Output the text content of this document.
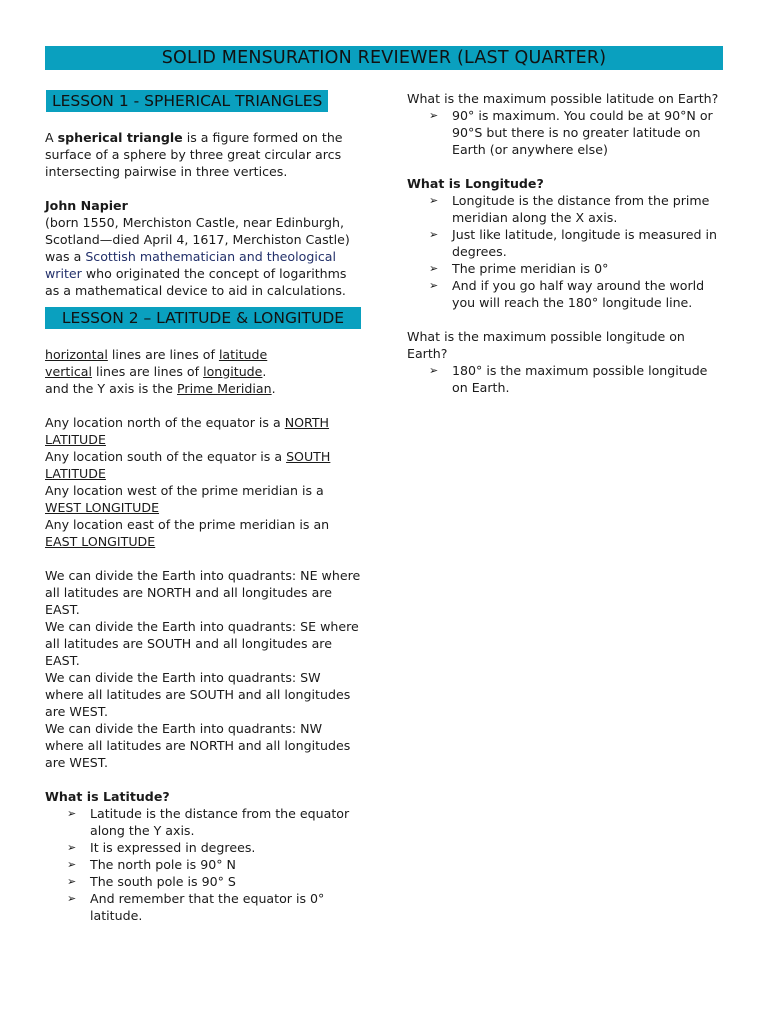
SOLID MENSURATION REVIEWER (LAST QUARTER)
LESSON 1 - SPHERICAL TRIANGLES

A spherical triangle is a figure formed on the surface of a sphere by three great circular arcs intersecting pairwise in three vertices.

John Napier

(born 1550, Merchiston Castle, near Edinburgh, Scotland—died April 4, 1617, Merchiston Castle) was a Scottish mathematician and theological writer who originated the concept of logarithms as a mathematical device to aid in calculations.

LESSON 2 – LATITUDE & LONGITUDE

horizontal lines are lines of latitude

vertical lines are lines of longitude.

and the Y axis is the Prime Meridian.

Any location north of the equator is a NORTH LATITUDE

Any location south of the equator is a SOUTH LATITUDE

Any location west of the prime meridian is a WEST LONGITUDE

Any location east of the prime meridian is an EAST LONGITUDE

We can divide the Earth into quadrants: NE where all latitudes are NORTH and all longitudes are EAST.

We can divide the Earth into quadrants: SE where all latitudes are SOUTH and all longitudes are EAST.

We can divide the Earth into quadrants: SW where all latitudes are SOUTH and all longitudes are WEST.

We can divide the Earth into quadrants: NW where all latitudes are NORTH and all longitudes are WEST.

What is Latitude?

➢ Latitude is the distance from the equator along the Y axis.
➢ It is expressed in degrees.
➢ The north pole is 90° N
➢ The south pole is 90° S
➢ And remember that the equator is 0° latitude.

What is the maximum possible latitude on Earth?

➢ 90° is maximum. You could be at 90°N or 90°S but there is no greater latitude on Earth (or anywhere else)

What is Longitude?

➢ Longitude is the distance from the prime meridian along the X axis.
➢ Just like latitude, longitude is measured in degrees.
➢ The prime meridian is 0°
➢ And if you go half way around the world you will reach the 180° longitude line.

What is the maximum possible longitude on Earth?

➢ 180° is the maximum possible longitude on Earth.
